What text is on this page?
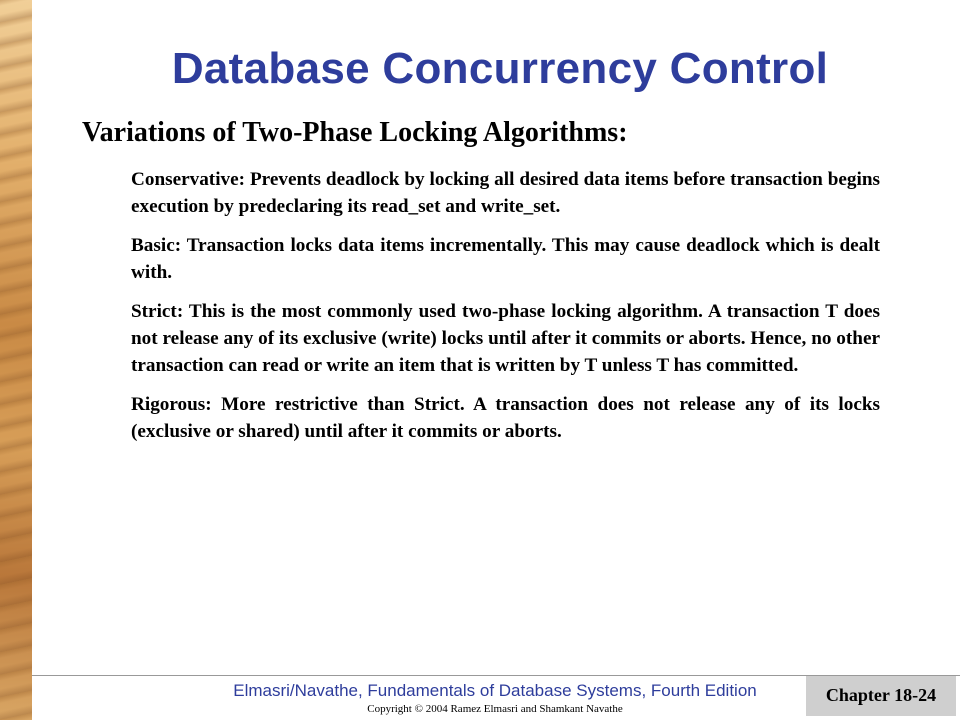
Database Concurrency Control
Variations of Two-Phase Locking Algorithms:

Conservative: Prevents deadlock by locking all desired data items before transaction begins execution by predeclaring its read_set and write_set.

Basic: Transaction locks data items incrementally. This may cause deadlock which is dealt with.

Strict: This is the most commonly used two-phase locking algorithm. A transaction T does not release any of its exclusive (write) locks until after it commits or aborts. Hence, no other transaction can read or write an item that is written by T unless T has committed.

Rigorous: More restrictive than Strict. A transaction does not release any of its locks (exclusive or shared) until after it commits or aborts.

Elmasri/Navathe, Fundamentals of Database Systems, Fourth Edition
Copyright © 2004 Ramez Elmasri and Shamkant Navathe
Chapter 18-24
